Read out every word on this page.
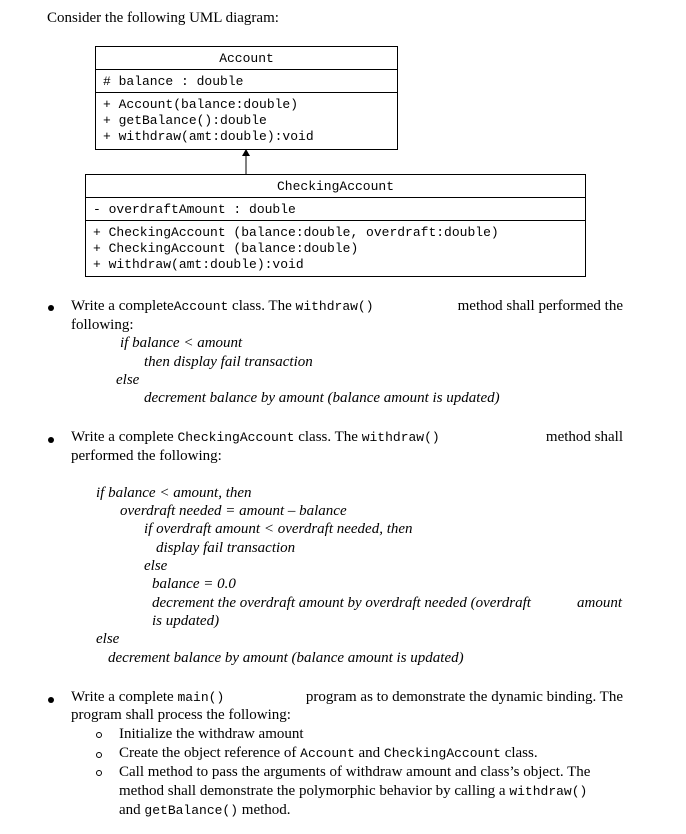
Consider the following UML diagram:
Account
# balance : double
+ Account(balance:double)
+ getBalance():double
+ withdraw(amt:double):void
CheckingAccount
- overdraftAmount : double
+ CheckingAccount (balance:double, overdraft:double)
+ CheckingAccount (balance:double)
+ withdraw(amt:double):void
Write a complete Account class. The withdraw()	method shall performed the
following:
if balance < amount
then display fail transaction
else
decrement balance by amount (balance amount is updated)
Write a complete CheckingAccount class. The withdraw()	method shall
performed the following:
if balance < amount, then
overdraft needed = amount – balance
if overdraft amount < overdraft needed, then
display fail transaction
else
balance = 0.0
decrement the overdraft amount by overdraft needed (overdraft	amount
is updated)
else
decrement balance by amount (balance amount is updated)
Write a complete main()	program as to demonstrate the dynamic binding. The
program shall process the following:
Initialize the withdraw amount
Create the object reference of Account and CheckingAccount class.
Call method to pass the arguments of withdraw amount and class’s object. The
method shall demonstrate the polymorphic behavior by calling a withdraw()
and getBalance() method.
